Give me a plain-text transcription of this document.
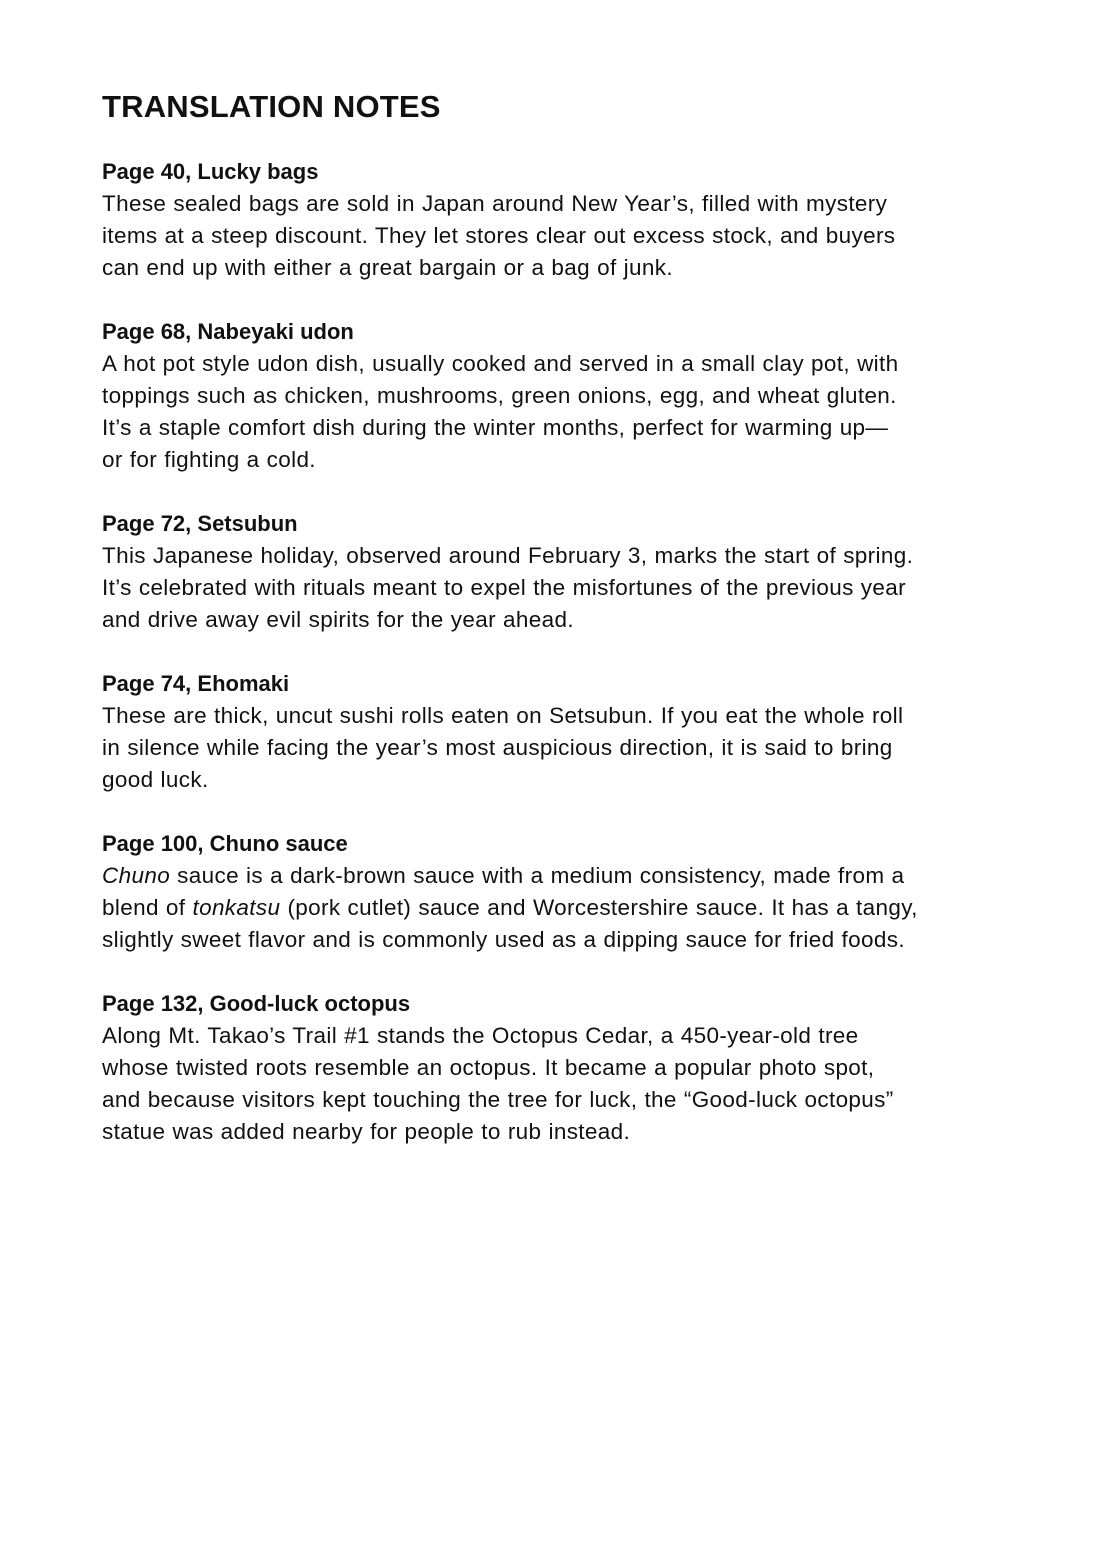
TRANSLATION NOTES

Page 40, Lucky bags

These sealed bags are sold in Japan around New Year’s, filled with mystery
items at a steep discount. They let stores clear out excess stock, and buyers
can end up with either a great bargain or a bag of junk.

Page 68, Nabeyaki udon

A hot pot style udon dish, usually cooked and served in a small clay pot, with
toppings such as chicken, mushrooms, green onions, egg, and wheat gluten.
It’s a staple comfort dish during the winter months, perfect for warming up—
or for fighting a cold.

Page 72, Setsubun

This Japanese holiday, observed around February 3, marks the start of spring.
It’s celebrated with rituals meant to expel the misfortunes of the previous year
and drive away evil spirits for the year ahead.

Page 74, Ehomaki

These are thick, uncut sushi rolls eaten on Setsubun. If you eat the whole roll
in silence while facing the year’s most auspicious direction, it is said to bring
good luck.

Page 100, Chuno sauce

Chuno sauce is a dark-brown sauce with a medium consistency, made from a
blend of tonkatsu (pork cutlet) sauce and Worcestershire sauce. It has a tangy,
slightly sweet flavor and is commonly used as a dipping sauce for fried foods.

Page 132, Good-luck octopus

Along Mt. Takao’s Trail #1 stands the Octopus Cedar, a 450-year-old tree
whose twisted roots resemble an octopus. It became a popular photo spot,
and because visitors kept touching the tree for luck, the “Good-luck octopus”
statue was added nearby for people to rub instead.
